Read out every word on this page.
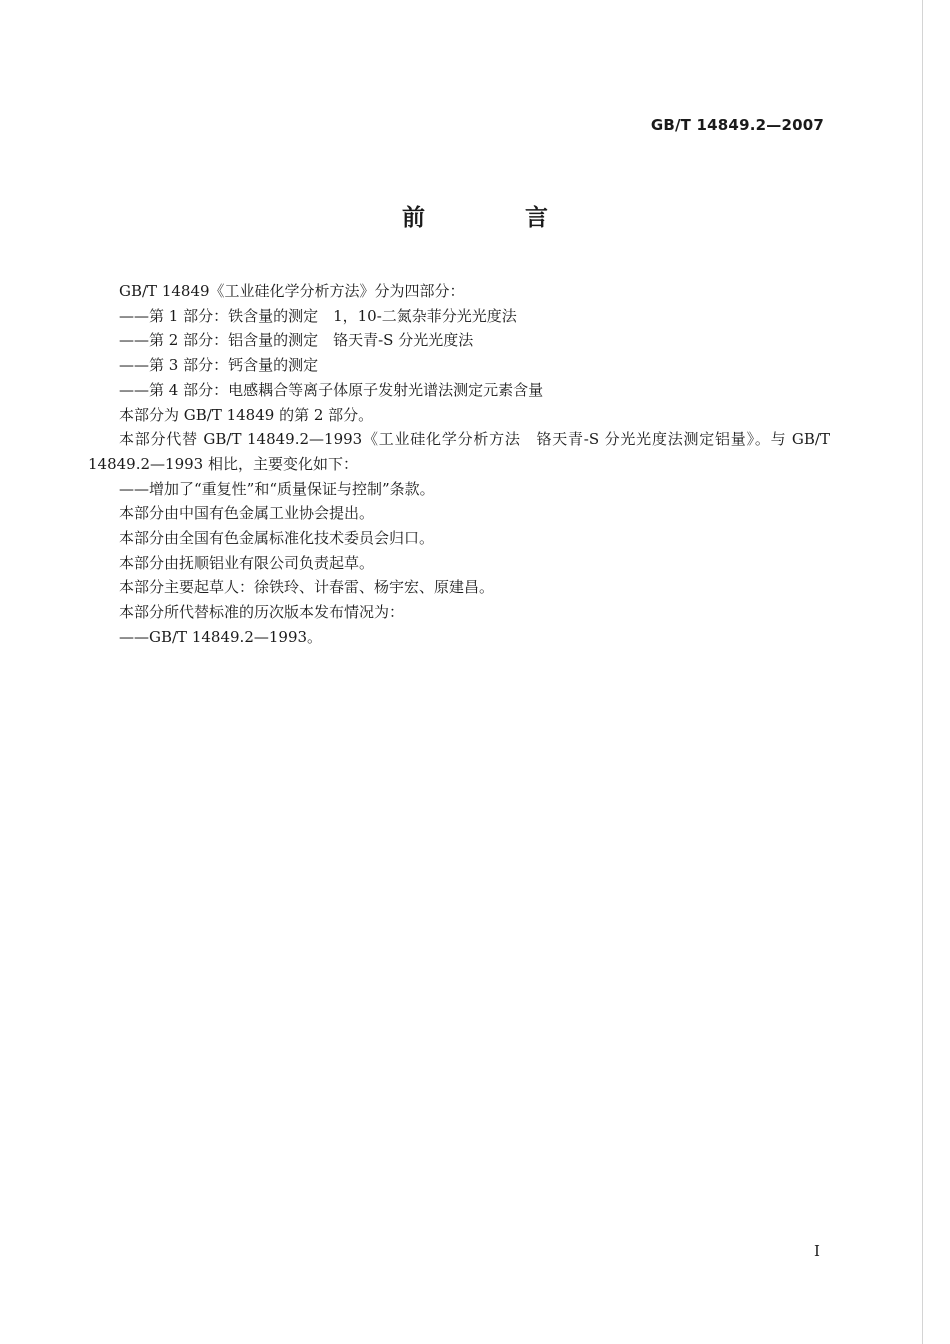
GB/T 14849.2—2007
前 言

GB/T 14849《工业硅化学分析方法》分为四部分：

——第 1 部分：铁含量的测定　1，10-二氮杂菲分光光度法

——第 2 部分：铝含量的测定　铬天青-S 分光光度法

——第 3 部分：钙含量的测定

——第 4 部分：电感耦合等离子体原子发射光谱法测定元素含量

本部分为 GB/T 14849 的第 2 部分。

本部分代替 GB/T 14849.2—1993《工业硅化学分析方法　铬天青-S 分光光度法测定铝量》。与 GB/T 14849.2—1993 相比，主要变化如下：

——增加了“重复性”和“质量保证与控制”条款。

本部分由中国有色金属工业协会提出。

本部分由全国有色金属标准化技术委员会归口。

本部分由抚顺铝业有限公司负责起草。

本部分主要起草人：徐铁玲、计春雷、杨宇宏、原建昌。

本部分所代替标准的历次版本发布情况为：

——GB/T 14849.2—1993。

I
